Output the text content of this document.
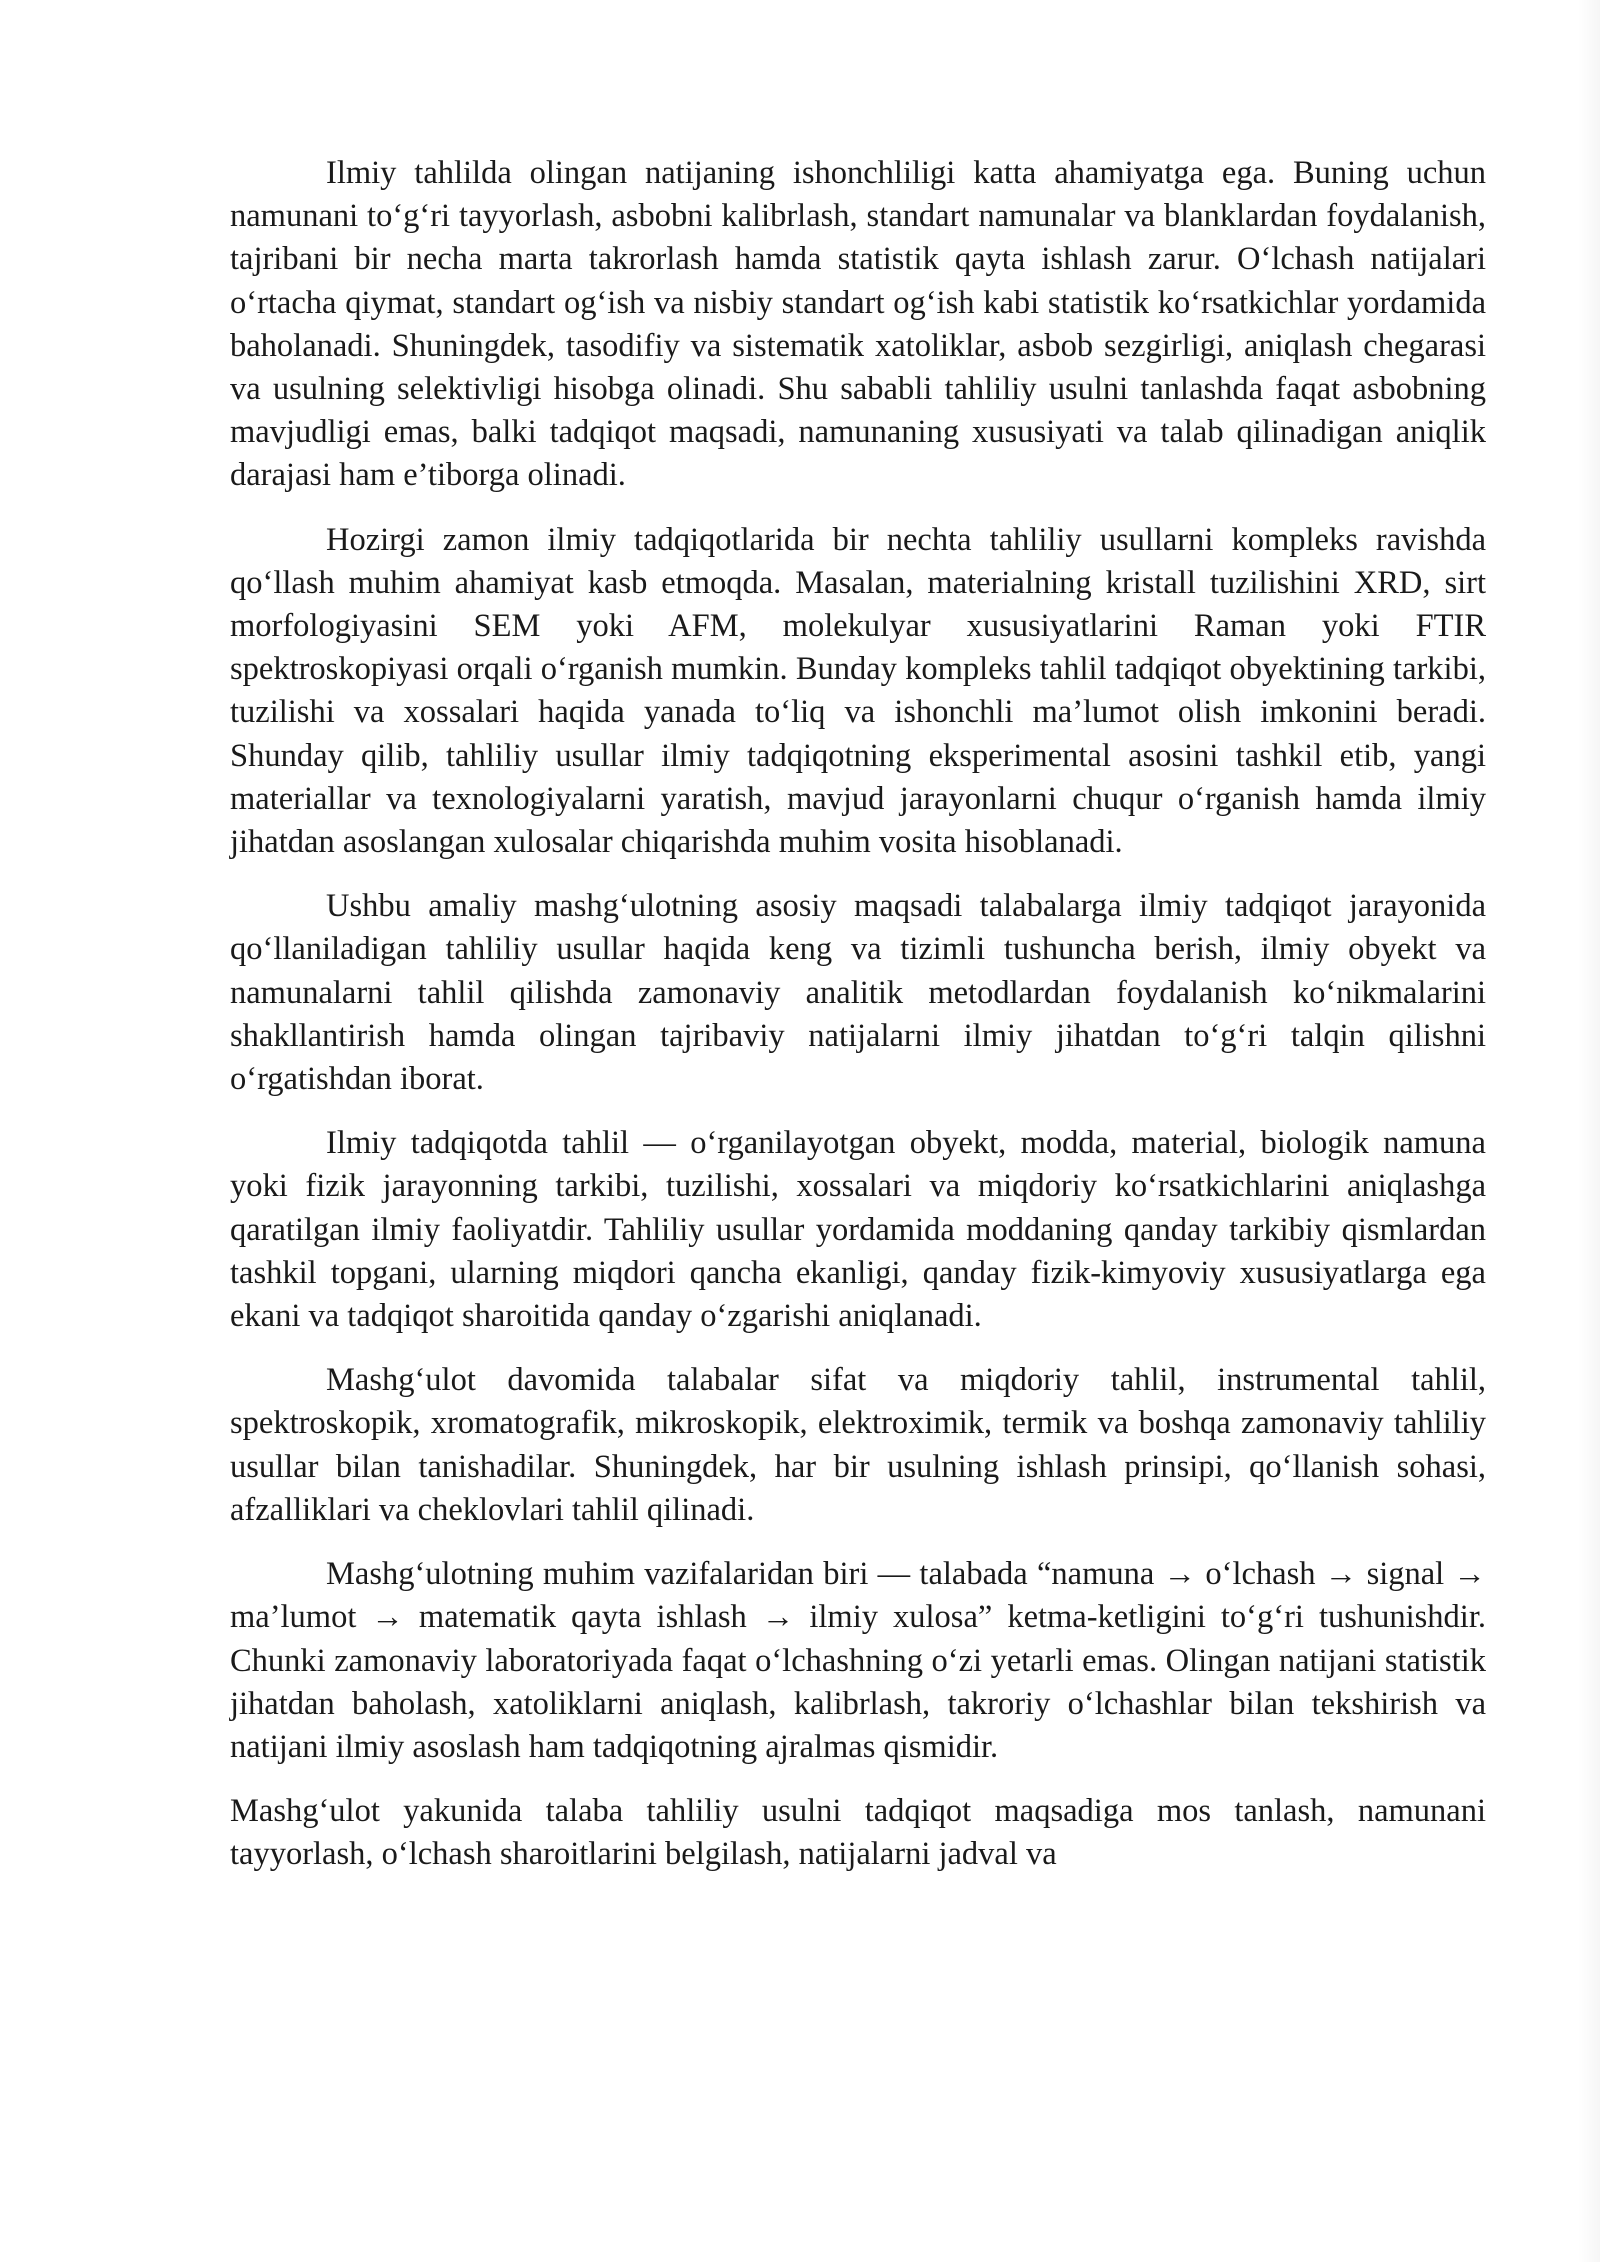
Ilmiy tahlilda olingan natijaning ishonchliligi katta ahamiyatga ega. Buning uchun namunani to‘g‘ri tayyorlash, asbobni kalibrlash, standart namunalar va blanklardan foydalanish, tajribani bir necha marta takrorlash hamda statistik qayta ishlash zarur. O‘lchash natijalari o‘rtacha qiymat, standart og‘ish va nisbiy standart og‘ish kabi statistik ko‘rsatkichlar yordamida baholanadi. Shuningdek, tasodifiy va sistematik xatoliklar, asbob sezgirligi, aniqlash chegarasi va usulning selektivligi hisobga olinadi. Shu sababli tahliliy usulni tanlashda faqat asbobning mavjudligi emas, balki tadqiqot maqsadi, namunaning xususiyati va talab qilinadigan aniqlik darajasi ham e’tiborga olinadi.

Hozirgi zamon ilmiy tadqiqotlarida bir nechta tahliliy usullarni kompleks ravishda qo‘llash muhim ahamiyat kasb etmoqda. Masalan, materialning kristall tuzilishini XRD, sirt morfologiyasini SEM yoki AFM, molekulyar xususiyatlarini Raman yoki FTIR spektroskopiyasi orqali o‘rganish mumkin. Bunday kompleks tahlil tadqiqot obyektining tarkibi, tuzilishi va xossalari haqida yanada to‘liq va ishonchli ma’lumot olish imkonini beradi. Shunday qilib, tahliliy usullar ilmiy tadqiqotning eksperimental asosini tashkil etib, yangi materiallar va texnologiyalarni yaratish, mavjud jarayonlarni chuqur o‘rganish hamda ilmiy jihatdan asoslangan xulosalar chiqarishda muhim vosita hisoblanadi.

Ushbu amaliy mashg‘ulotning asosiy maqsadi talabalarga ilmiy tadqiqot jarayonida qo‘llaniladigan tahliliy usullar haqida keng va tizimli tushuncha berish, ilmiy obyekt va namunalarni tahlil qilishda zamonaviy analitik metodlardan foydalanish ko‘nikmalarini shakllantirish hamda olingan tajribaviy natijalarni ilmiy jihatdan to‘g‘ri talqin qilishni o‘rgatishdan iborat.

Ilmiy tadqiqotda tahlil — o‘rganilayotgan obyekt, modda, material, biologik namuna yoki fizik jarayonning tarkibi, tuzilishi, xossalari va miqdoriy ko‘rsatkichlarini aniqlashga qaratilgan ilmiy faoliyatdir. Tahliliy usullar yordamida moddaning qanday tarkibiy qismlardan tashkil topgani, ularning miqdori qancha ekanligi, qanday fizik-kimyoviy xususiyatlarga ega ekani va tadqiqot sharoitida qanday o‘zgarishi aniqlanadi.

Mashg‘ulot davomida talabalar sifat va miqdoriy tahlil, instrumental tahlil, spektroskopik, xromatografik, mikroskopik, elektroximik, termik va boshqa zamonaviy tahliliy usullar bilan tanishadilar. Shuningdek, har bir usulning ishlash prinsipi, qo‘llanish sohasi, afzalliklari va cheklovlari tahlil qilinadi.

Mashg‘ulotning muhim vazifalaridan biri — talabada “namuna → o‘lchash → signal → ma’lumot → matematik qayta ishlash → ilmiy xulosa” ketma-ketligini to‘g‘ri tushunishdir. Chunki zamonaviy laboratoriyada faqat o‘lchashning o‘zi yetarli emas. Olingan natijani statistik jihatdan baholash, xatoliklarni aniqlash, kalibrlash, takroriy o‘lchashlar bilan tekshirish va natijani ilmiy asoslash ham tadqiqotning ajralmas qismidir.

Mashg‘ulot yakunida talaba tahliliy usulni tadqiqot maqsadiga mos tanlash, namunani tayyorlash, o‘lchash sharoitlarini belgilash, natijalarni jadval va
